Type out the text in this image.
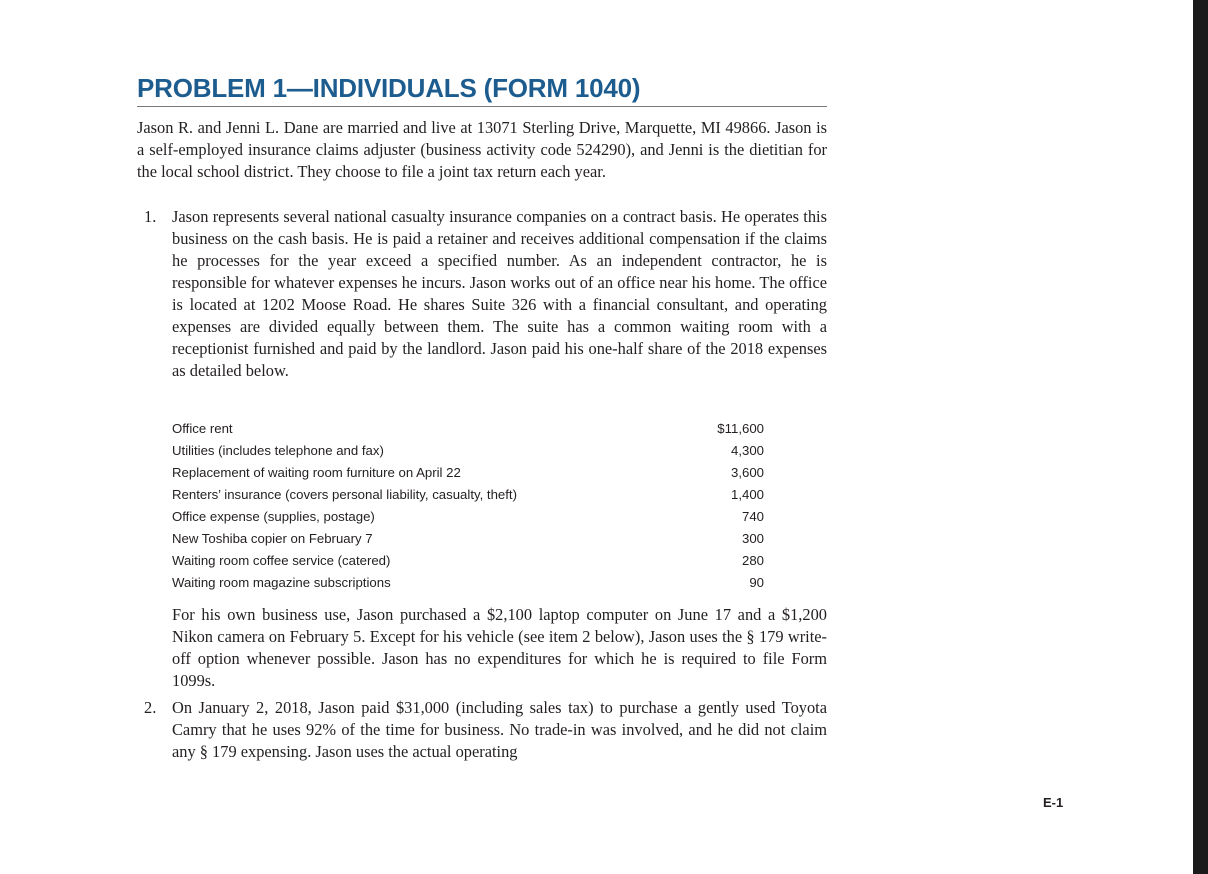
PROBLEM 1—INDIVIDUALS (FORM 1040)
Jason R. and Jenni L. Dane are married and live at 13071 Sterling Drive, Marquette, MI 49866. Jason is a self-employed insurance claims adjuster (business activity code 524290), and Jenni is the dietitian for the local school district. They choose to file a joint tax return each year.
1. Jason represents several national casualty insurance companies on a contract basis. He operates this business on the cash basis. He is paid a retainer and receives additional compensation if the claims he processes for the year exceed a specified number. As an independent contractor, he is responsible for whatever expenses he incurs. Jason works out of an office near his home. The office is located at 1202 Moose Road. He shares Suite 326 with a financial consultant, and operating expenses are divided equally between them. The suite has a common waiting room with a receptionist furnished and paid by the landlord. Jason paid his one-half share of the 2018 expenses as detailed below.
Office rent	$11,600
Utilities (includes telephone and fax)	4,300
Replacement of waiting room furniture on April 22	3,600
Renters’ insurance (covers personal liability, casualty, theft)	1,400
Office expense (supplies, postage)	740
New Toshiba copier on February 7	300
Waiting room coffee service (catered)	280
Waiting room magazine subscriptions	90
For his own business use, Jason purchased a $2,100 laptop computer on June 17 and a $1,200 Nikon camera on February 5. Except for his vehicle (see item 2 below), Jason uses the § 179 write-off option whenever possible. Jason has no expenditures for which he is required to file Form 1099s.
2. On January 2, 2018, Jason paid $31,000 (including sales tax) to purchase a gently used Toyota Camry that he uses 92% of the time for business. No trade-in was involved, and he did not claim any § 179 expensing. Jason uses the actual operating
E-1
